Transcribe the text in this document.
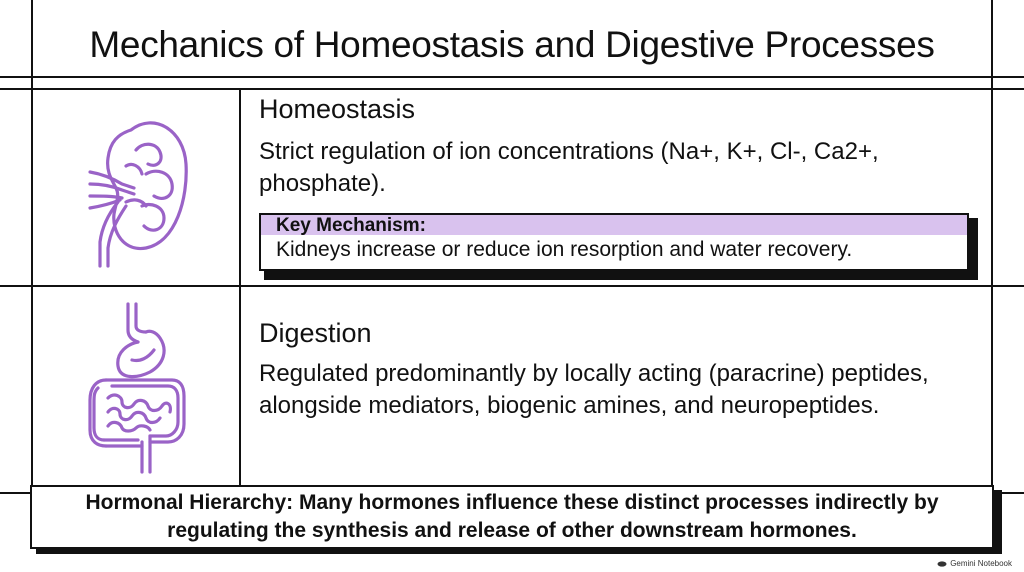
Mechanics of Homeostasis and Digestive Processes
Homeostasis
Strict regulation of ion concentrations (Na+, K+, Cl-, Ca2+, phosphate).
Key Mechanism:
Kidneys increase or reduce ion resorption and water recovery.
Digestion
Regulated predominantly by locally acting (paracrine) peptides, alongside mediators, biogenic amines, and neuropeptides.
Hormonal Hierarchy: Many hormones influence these distinct processes indirectly by regulating the synthesis and release of other downstream hormones.
Gemini Notebook
